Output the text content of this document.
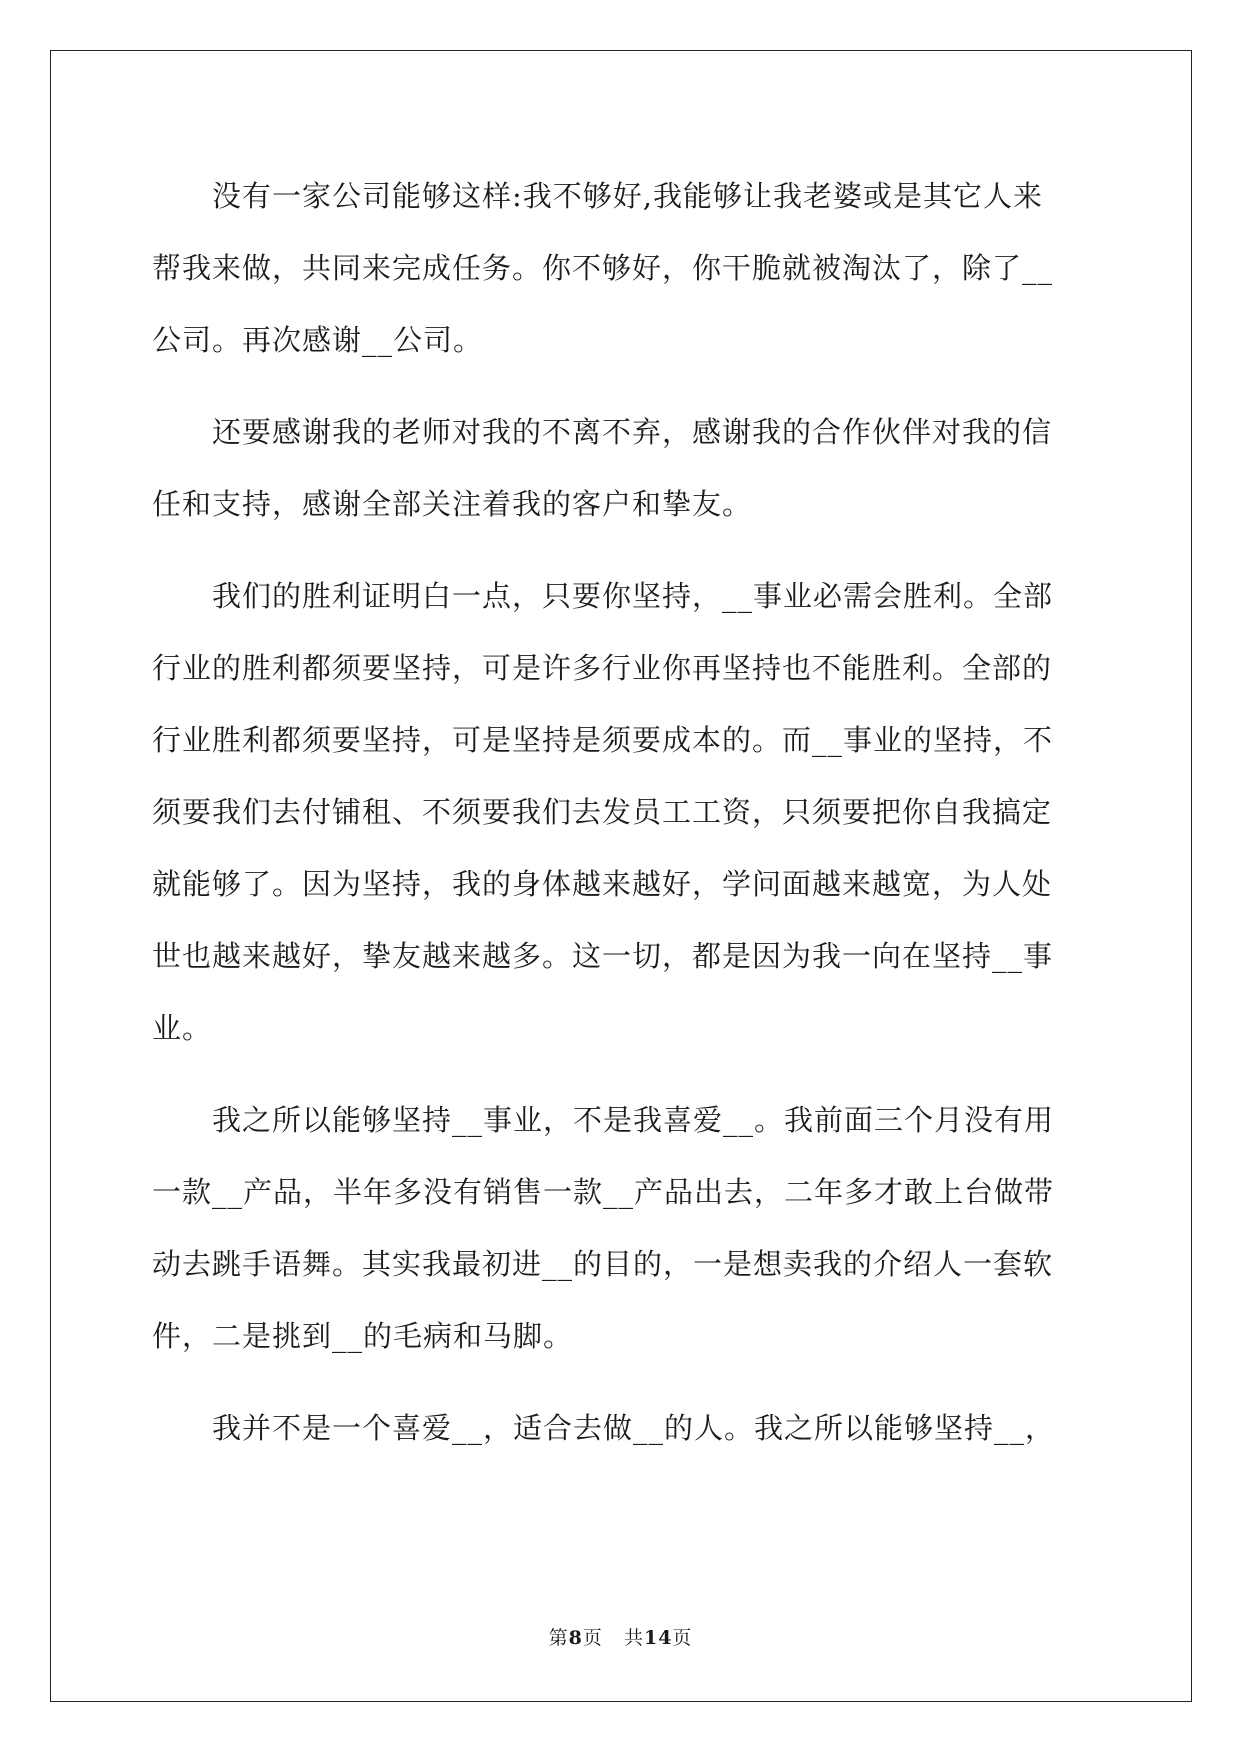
没有一家公司能够这样:我不够好,我能够让我老婆或是其它人来
帮我来做，共同来完成任务。你不够好，你干脆就被淘汰了，除了__
公司。再次感谢__公司。
还要感谢我的老师对我的不离不弃，感谢我的合作伙伴对我的信
任和支持，感谢全部关注着我的客户和挚友。
我们的胜利证明白一点，只要你坚持，__事业必需会胜利。全部
行业的胜利都须要坚持，可是许多行业你再坚持也不能胜利。全部的
行业胜利都须要坚持，可是坚持是须要成本的。而__事业的坚持，不
须要我们去付铺租、不须要我们去发员工工资，只须要把你自我搞定
就能够了。因为坚持，我的身体越来越好，学问面越来越宽，为人处
世也越来越好，挚友越来越多。这一切，都是因为我一向在坚持__事
业。
我之所以能够坚持__事业，不是我喜爱__。我前面三个月没有用
一款__产品，半年多没有销售一款__产品出去，二年多才敢上台做带
动去跳手语舞。其实我最初进__的目的，一是想卖我的介绍人一套软
件，二是挑到__的毛病和马脚。
我并不是一个喜爱__，适合去做__的人。我之所以能够坚持__，
第8页 共14页
